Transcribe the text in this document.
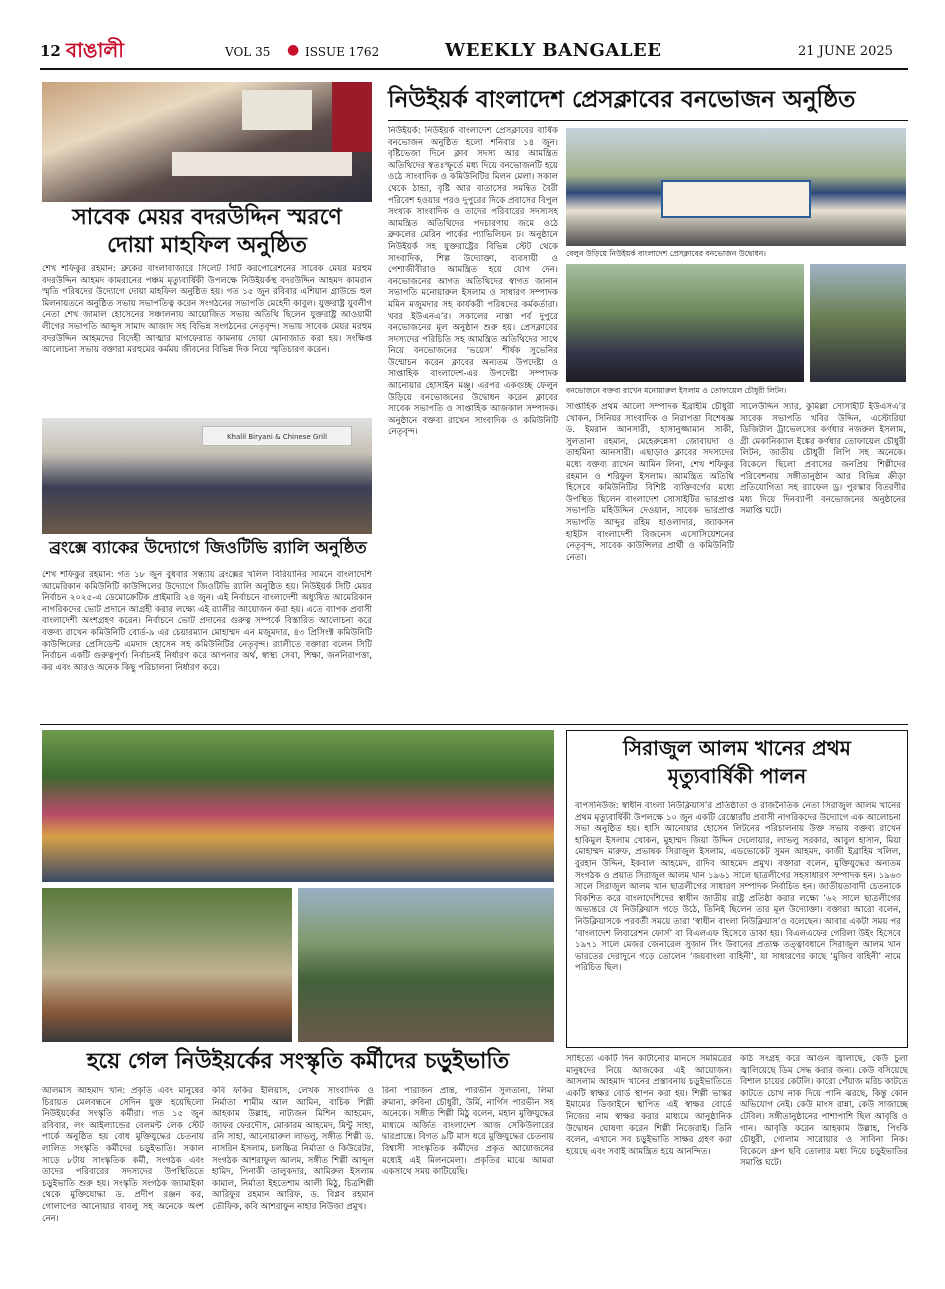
12 বাঙালী	VOL 35 ● ISSUE 1762	WEEKLY BANGALEE	21 JUNE 2025
সাবেক মেয়র বদরউদ্দিন স্মরণে
দোয়া মাহফিল অনুষ্ঠিত
শেখ শফিকুর রহমান: ব্রুকের বাংলাবাজারে সিলেট সিটি করপোরেশনের সাবেক মেয়র মরহুম বদরউদ্দিন আহমদ কামরানের পঞ্চম মৃত্যুবার্ষিকী উপলক্ষে নিউইয়র্কস্থ বদরউদ্দিন আহমদ কামরান স্মৃতি পরিষদের উদ্যোগে দোয়া মাহফিল অনুষ্ঠিত হয়। গত ১৫ জুন রবিবার এশিয়ান গ্রাউন্ডে হুল মিলনায়তনে অনুষ্ঠিত সভায় সভাপতিত্ব করেন সংগঠনের সভাপতি মেহেদী কাবুল। যুক্তরাষ্ট্র যুবলীগ নেতা শেখ জামাল হোসেনের সঞ্চালনায় আয়োজিত সভায় অতিথি ছিলেন যুক্তরাষ্ট্র আওয়ামী লীগের সভাপতি আব্দুস সামাদ আজাদ সহ বিভিন্ন সংগঠনের নেতৃবৃন্দ। সভায় সাবেক মেয়র মরহুম বদরউদ্দিন আহমদের বিদেহী আত্মার মাগফেরাত কামনায় দোয়া মোনাজাত করা হয়। সংক্ষিপ্ত আলোচনা সভায় বক্তারা মরহুমের কর্মময় জীবনের বিভিন্ন দিক নিয়ে স্মৃতিচারণ করেন।
Khalil Biryani & Chinese Grill
ব্রংক্সে ব্যাকের উদ্যোগে জিওটিভি র‍্যালি অনুষ্ঠিত
শেখ শফিকুর রহমান: গত ১৮ জুন বুধবার সন্ধ্যায় ব্রংক্সের খলিল বিরিয়ানির সামনে বাংলাদেশি আমেরিকান কমিউনিটি কাউন্সিলের উদ্যোগে জিওটিভি র‍্যালি অনুষ্ঠিত হয়। নিউইয়র্ক সিটি মেয়র নির্বাচন ২০২৫-এ ডেমোক্রেটিক প্রাইমারি ২৪ জুন। এই নির্বাচনে বাংলাদেশী অধ্যুষিত আমেরিকান নাগরিকদের ভোট প্রদানে আগ্রহী করার লক্ষ্যে এই র‍্যালীর আয়োজন করা হয়। এতে ব্যাপক প্রবাসী বাংলাদেশী অংশগ্রহণ করেন। নির্বাচনে ভোট প্রদানের গুরুত্ব সম্পর্কে বিস্তারিত আলোচনা করে বক্তব্য রাখেন কমিউনিটি বোর্ড-৯ এর চেয়ারম্যান মোহাম্মদ এন মজুমদার, ৪৩ প্রিসিংক্ট কমিউনিটি কাউন্সিলের প্রেসিডেন্ট এমদাদ হোসেন সহ কমিউনিটির নেতৃবৃন্দ। র‍্যালীতে বক্তারা বলেন সিটি নির্বাচন একটি গুরুত্বপূর্ণ। নির্বাচনই নির্ধারণ করে আপনার অর্থ, স্বাস্থ্য সেবা, শিক্ষা, জননিরাপত্তা, কর এবং আরও অনেক কিছু পরিচালনা নির্ধারণ করে।
নিউইয়র্ক বাংলাদেশ প্রেসক্লাবের বনভোজন অনুষ্ঠিত
নিউইয়র্ক: নিউইয়র্ক বাংলাদেশ প্রেসক্লাবের বার্ষিক বনভোজন অনুষ্ঠিত হলো শনিবার ১৪ জুন। বৃষ্টিভেজা দিনে ক্লাব সদস্য আর আমন্ত্রিত অতিথিদের স্বতঃস্ফূর্তে মধ্য দিয়ে বনভোজনটি হয়ে ওঠে সাংবাদিক ও কমিউনিটির মিলন মেলা। সকাল থেকে ঠান্ডা, বৃষ্টি আর বাতাসের সমন্বিত বৈরী পরিবেশ হওয়ার পরও দুপুরের দিকে প্রবাসের বিপুল সংখ্যক সাংবাদিক ও তাদের পরিবারের সদস্যসহ আমন্ত্রিত অতিথিদের পদচারণায় জমে ওঠে ব্রুকলের মেরিন পার্কের প্যাভিলিয়ন ঢ। অনুষ্ঠানে নিউইয়র্ক সহ যুক্তরাষ্ট্রের বিভিন্ন স্টেট থেকে সাংবাদিক, শিল্প উদ্যোক্তা, ব্যবসায়ী ও পেশাজীবীরাও আমন্ত্রিত হয়ে যোগ দেন। বনভোজনের আগত অতিথিদের স্বাগত জানান সভাপতি মনোয়ারুল ইসলাম ও সাধারণ সম্পাদক মমিন মজুমদার সহ কার্যকরী পরিষদের কর্মকর্তারা। খবর ইউএনএ’র। সকালের নাস্তা পর্ব দুপুরে বনভোজনের মূল অনুষ্ঠান শুরু হয়। প্রেসক্লাবের সদস্যদের পরিচিতি সহ আমন্ত্রিত অতিথিদের সাথে নিয়ে বনভোজনের ‘ভয়েস’ শীর্ষক সুভেনির উম্মোচন করেন ক্লাবের অন্যতম উপদেষ্টা ও সাপ্তাহিক বাংলাদেশ-এর উপদেষ্টা সম্পাদক আনোয়ার হোসাইন মঞ্জু। এরপর একগুচ্ছ ফেলুন উড়িয়ে বনভোজনের উদ্বোধন করেন ক্লাবের সাবেক সভাপতি ও সাপ্তাহিক আজকাল সম্পাদক। অনুষ্ঠানে বক্তব্য রাখেন সাংবাদিক ও কমিউনিটি নেতৃবৃন্দ।
বেলুন উড়িয়ে নিউইয়র্ক বাংলাদেশ প্রেসক্লাবের বনভোজন উদ্বোধন।
বনভোজনে বক্তব্য রাখেন মনোয়ারুল ইসলাম ও তোফায়েল চৌধুরী লিটন।
সাপ্তাহিক প্রথম আলো সম্পাদক ইব্রাহীম চৌধুরী খোকন, সিনিয়র সাংবাদিক ও নিরাপত্তা বিশেষজ্ঞ ড. ইমরান আনসারী, হাসানুজ্জামান সাকী, সুলতানা রহমান, মেহেরুন্নেসা জোবায়দা ও তাহমিনা আনসারী। এছাড়াও ক্লাবের সদস্যদের মধ্যে বক্তব্য রাখেন আমিন লিনা, শেখ শফিকুর রহমান ও শরিফুল ইসলাম। আমন্ত্রিত অতিথি হিসেবে কমিউনিটির বিশিষ্ট ব্যক্তিবর্গের মধ্যে উপস্থিত ছিলেন বাংলাদেশ সোসাইটির ভারপ্রাপ্ত সভাপতি মহিউদ্দিন দেওয়ান, সাবেক ভারপ্রাপ্ত সভাপতি আব্দুর রহিম হাওলাদার, জ্যাকসন হাইটস বাংলাদেশী বিজনেস এসোসিয়েশনের নেতৃবৃন্দ, সাবেক কাউন্সিলর প্রার্থী ও কমিউনিটি নেতা।
সালেউদ্দিন স্যার, কুমিল্লা সোসাইটি ইউএসএ’র সাবেক সভাপতি খবির উদ্দিন, এস্টোরিয়া ডিজিটাল ট্রাভেলসের কর্ণধার নজরুল ইসলাম, গ্রী মেকানিক্যাল ইঙ্কের কর্ণধার তোফায়েল চৌধুরী লিটন, জাতীয় চৌধুরী লিপি সহ অনেকে। বিকেলে ছিলো প্রবাসের জনপ্রিয় শিল্পীদের পরিবেশনায় সঙ্গীতানুষ্ঠান আর বিভিন্ন ক্রীড়া প্রতিযোগিতা সহ র‍্যাফেল ড্র। পুরস্কার বিতরণীর মধ্য দিয়ে দিনব্যাপী বনভোজনের অনুষ্ঠানের সমাপ্তি ঘটে।
সিরাজুল আলম খানের প্রথম
মৃত্যুবার্ষিকী পালন
বাপসনিউজ: স্বাধীন বাংলা নিউক্লিয়াস’র প্রতিষ্ঠাতা ও রাজনৈতিক নেতা সিরাজুল আলম খানের প্রথম মৃত্যুবার্ষিকী উপলক্ষে ১০ জুন একটি রেস্তোরাঁয় প্রবাসী নাগরিকদের উদ্যোগে এক আলোচনা সভা অনুষ্ঠিত হয়। হাসি আনোয়ার হোসেন লিটনের পরিচালনায় উক্ত সভায় বক্তব্য রাখেন হাকিমুল ইসলাম খোকন, মুহাম্মদ জিয়া উদ্দিন দেলোয়ার, লাভলু সরকার, আবুল হাসান, মিয়া মোহাম্মদ মারুফ, প্রভাষক সিরাজুল ইসলাম, এডভোকেট সুমন আহমদ, কাজী ইব্রাহিম খলিল, বুরহান উদ্দিন, ইকবাল আহমেদ, রাদিব আহমেদ প্রমুখ। বক্তারা বলেন, মুক্তিযুদ্ধের অন্যতম সংগঠক ও প্রয়াত সিরাজুল আলম খান ১৯৬১ সালে ছাত্রলীগের সহসাধারণ সম্পাদক হন। ১৯৬৩ সালে সিরাজুল আলম খান ছাত্রলীগের সাধারণ সম্পাদক নির্বাচিত হন। জাতীয়তাবাদী চেতনাকে বিকশিত করে বাংলাদেশিদের স্বাধীন জাতীয় রাষ্ট্র প্রতিষ্ঠা করার লক্ষ্যে ’৬২ সালে ছাত্রলীগের অভ্যন্তরে যে নিউক্লিয়াস গড়ে উঠে, তিনিই ছিলেন তার মূল উদ্যোক্তা। বক্তারা আরো বলেন, নিউক্লিয়াসকে পরবর্তী সময়ে তারা ‘স্বাধীন বাংলা নিউক্লিয়াস’ও বলেছেন। আবার একটা সময় পর ‘বাংলাদেশ লিবারেশন ফোর্স’ বা বিএলএফ হিসেবে ডাকা হয়। বিএলএফের গেরিলা উইং হিসেবে ১৯৭১ সালে মেজর জেনারেল সুজান সিং উবানের প্রত্যক্ষ তত্ত্বাবধানে সিরাজুল আলম খান ভারতের দেরাদুনে গড়ে তোলেন ‘জয়বাংলা বাহিনী’, যা সাধারণের কাছে ‘মুজিব বাহিনী’ নামে পরিচিত ছিল।
হয়ে গেল নিউইয়র্কের সংস্কৃতি কর্মীদের চড়ুইভাতি
আলমাস আহমাদ খান: প্রকৃতি এবং মানুষের চিরায়ত মেলবন্ধনে সেদিন যুক্ত হয়েছিলো নিউইয়র্কের সংস্কৃতি কর্মীরা। গত ১৫ জুন রবিবার, লং আইল্যান্ডের বেলমন্ট লেক স্টেট পার্কে অনুষ্ঠিত হয় বোধ মুক্তিযুদ্ধের চেতনায় লালিত সংস্কৃতি কর্মীদের চড়ুইভাতি। সকাল সাড়ে ৮টায় সাংস্কৃতিক কর্মী, সংগঠক এবং তাদের পরিবারের সদস্যদের উপস্থিতিতে চড়ুইভাতি শুরু হয়। সংস্কৃতি সংগঠক জ্যামাইকা থেকে মুক্তিযোদ্ধা ড. প্রদীপ রঞ্জন কর, গোলাপের আনোয়ার বাবলু সহ অনেকে অংশ নেন।
কবি ফকির ইলিয়াস, লেখক সাংবাদিক ও নির্মাতা শামীম আল আমিন, বাচিক শিল্পী আহকাম উল্লাহ, নাট্যজন মিশিন আহমেদ, জাফর ফেরদৌস, মোকারম আহমেদ, মিন্টু সাহা, রনি সাহা, আনোয়ারুল লাভলু, সঙ্গীত শিল্পী ড. নাসরিন ইসলাম, চলচ্চিত্র নির্মাতা ও কিউরেটর, সংগঠক আশরাফুল আলম, সঙ্গীত শিল্পী আব্দুল হামিদ, পিনাকী তালুকদার, আমিরুল ইসলাম কামাল, নির্মাতা ইহতেশাম আলী মিঠু, চিত্রশিল্পী আরিফুর রহমান আরিফ, ড. বিপ্লব রহমান তৌফিক, কবি আশরাফুন নাহার নিউজা প্রমুখ।
রিনা পারাজন প্রান্ত, পারভীন সুলতানা, লিমা রুমানা, রুবিনা চৌধুরী, উর্মি, নার্গিস পারভীন সহ অনেকে। সঙ্গীত শিল্পী মিঠু বলেন, মহান মুক্তিযুদ্ধের মাধ্যমে অর্জিত বাংলাদেশ আজ সেকিউলারের দ্বারপ্রান্তে। বিগত ৯টি মাস ধরে মুক্তিযুদ্ধের চেতনায় বিশ্বাসী সাংস্কৃতিক কর্মীদের প্রকৃত আয়োজনের মধ্যেই এই মিলনমেলা। প্রকৃতির মাঝে আমরা একসাথে সময় কাটিয়েছি।
সাহিত্যে একটি দিন কাটানোর মানসে সমমিত্রের মানুষদের নিয়ে আজকের এই আয়োজন। আসলাম আহমাদ খানের প্রস্তাবনায় চড়ুইভাতিতে একটি স্বাক্ষর বোর্ড স্থাপন করা হয়। শিল্পী ভাস্কর ইমামের ডিজাইনে স্থাপিত এই স্বাক্ষর বোর্ডে নিজের নাম স্বাক্ষর করার মাধ্যমে আনুষ্ঠানিক উদ্বোধন ঘোষণা করেন শিল্পী নিজেরাই। তিনি বলেন, এখানে সব চড়ুইভাতি সাক্ষর গ্রহণ করা হয়েছে এবং সবাই আমন্ত্রিত হয়ে আনন্দিত।
কাঠ সংগ্রহ করে আগুন জ্বালাছে, কেউ চুলা জ্বালিয়েছে ডিম সেদ্ধ করার জন্য। কেউ বসিয়েছে বিশাল চায়ের কেটলি। কারো পেঁয়াজ মরিচ কাটতে কাটতে চোখ নাক দিয়ে পানি ঝরছে, কিন্তু কোন অভিযোগ নেই। কেউ মাংস রান্না, কেউ সাজাচ্ছে টেবিল। সঙ্গীতানুষ্ঠানের পাশাপাশি ছিল আবৃত্তি ও গান। আবৃত্তি করেন আহকাম উল্লাহ, পিংকি চৌধুরী, গোলাম সারোয়ার ও সাবিনা নিক। বিকেলে গ্রুপ ছবি তোলার মধ্য দিয়ে চড়ুইভাতির সমাপ্তি ঘটে।
